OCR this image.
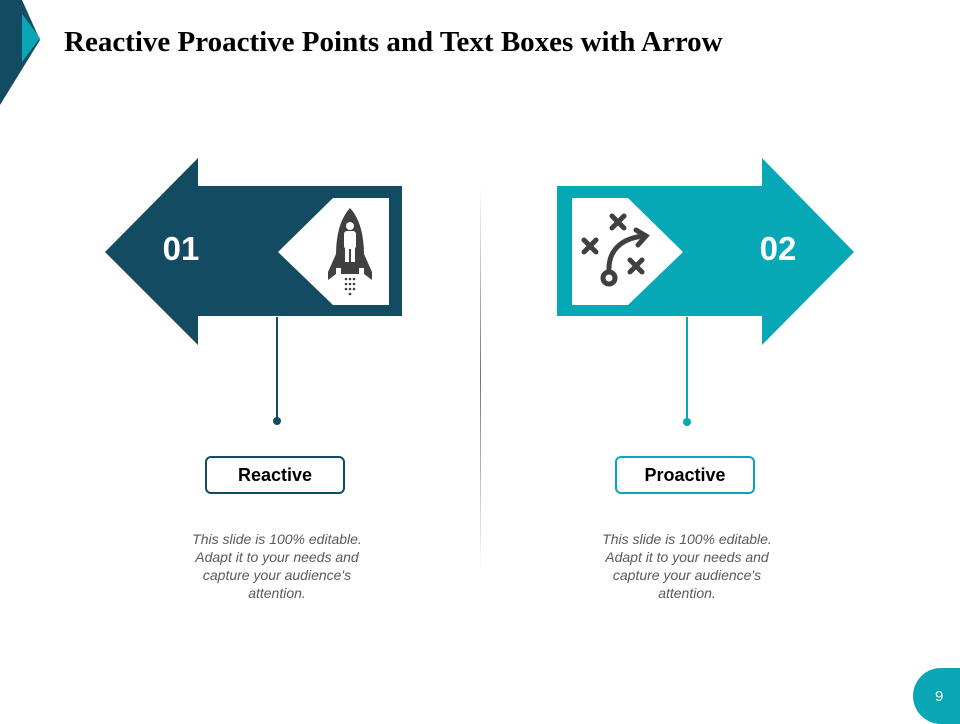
Reactive Proactive Points and Text Boxes with Arrow
01	02
Reactive	Proactive
This slide is 100% editable. Adapt it to your needs and capture your audience's attention.
This slide is 100% editable. Adapt it to your needs and capture your audience's attention.
9
